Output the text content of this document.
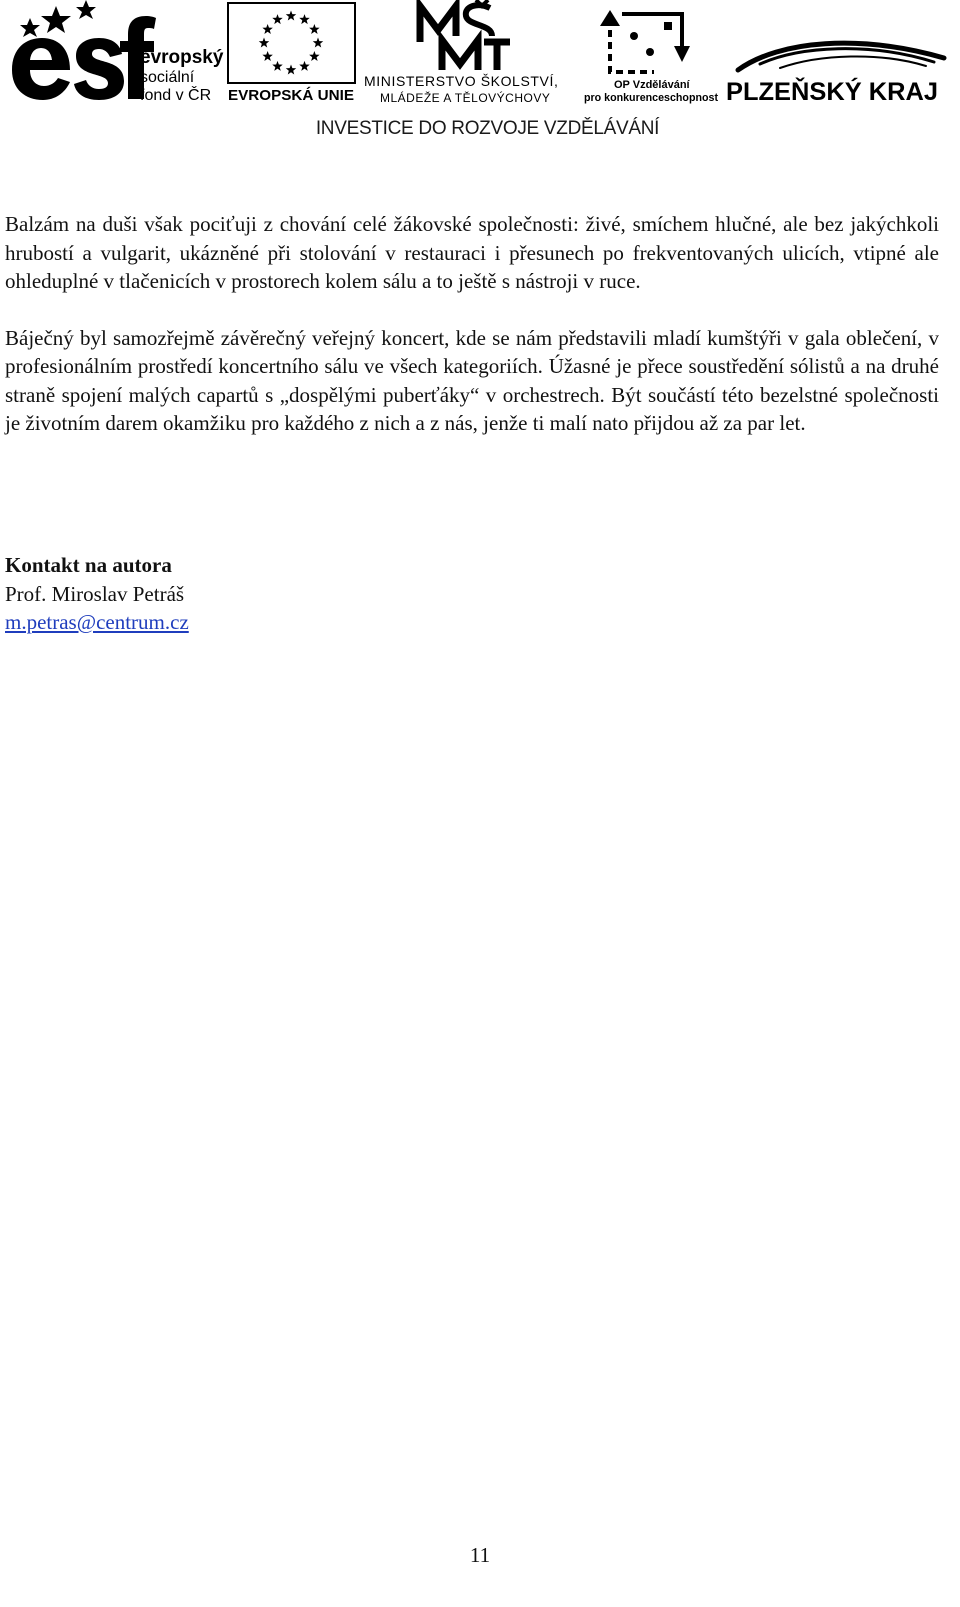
evropský
sociální
fond v ČR EVROPSKÁ UNIE
MINISTERSTVO ŠKOLSTVÍ,
MLÁDEŽE A TĚLOVÝCHOVY
OP Vzdělávání
pro konkurenceschopnost PLZEŇSKÝ KRAJ
INVESTICE DO ROZVOJE VZDĚLÁVÁNÍ

Balzám na duši však pociťuji z chování celé žákovské společnosti: živé, smíchem hlučné, ale bez jakýchkoli hrubostí a vulgarit, ukázněné při stolování v restauraci i přesunech po frekventovaných ulicích, vtipné ale ohleduplné v tlačenicích v prostorech kolem sálu a to ještě s nástroji v ruce.

Báječný byl samozřejmě závěrečný veřejný koncert, kde se nám představili mladí kumštýři v gala oblečení, v profesionálním prostředí koncertního sálu ve všech kategoriích. Úžasné je přece soustředění sólistů a na druhé straně spojení malých capartů s „dospělými puberťáky“ v orchestrech. Být součástí této bezelstné společnosti je životním darem okamžiku pro každého z nich a z nás, jenže ti malí nato přijdou až za par let.

Kontakt na autora
Prof. Miroslav Petráš
m.petras@centrum.cz
11
